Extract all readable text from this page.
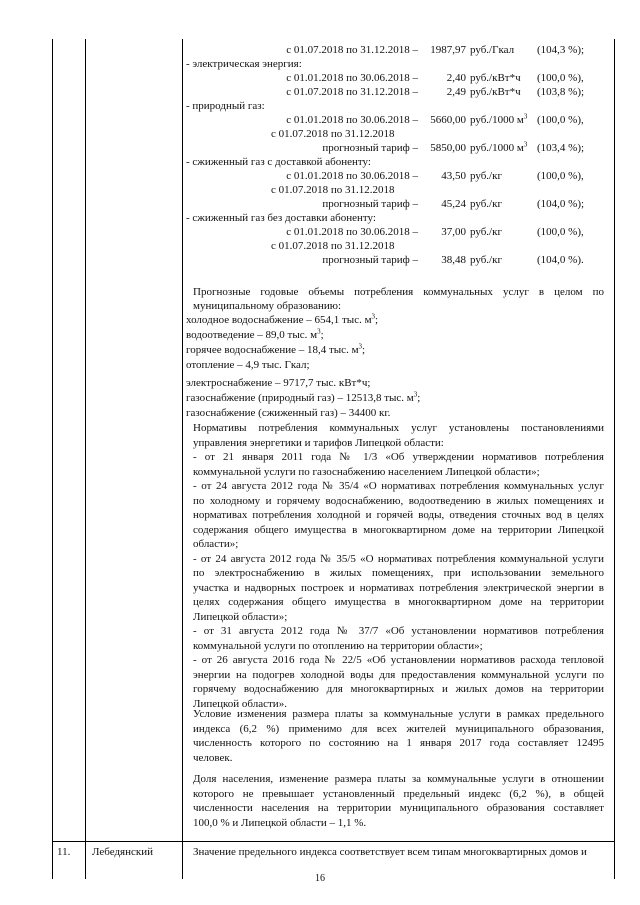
с 01.07.2018 по 31.12.2018 –	1987,97 руб./Гкал (104,3 %);
- электрическая энергия:
с 01.01.2018 по 30.06.2018 –	2,40 руб./кВт*ч (100,0 %),
с 01.07.2018 по 31.12.2018 –	2,49 руб./кВт*ч (103,8 %);
- природный газ:
с 01.01.2018 по 30.06.2018 –	5660,00 руб./1000 $м^3$ (100,0 %),
с 01.07.2018 по 31.12.2018
прогнозный тариф –	5850,00 руб./1000 $м^3$ (103,4 %);
- сжиженный газ с доставкой абоненту:
с 01.01.2018 по 30.06.2018 –	43,50 руб./кг	(100,0 %),
с 01.07.2018 по 31.12.2018
прогнозный тариф –	45,24 руб./кг	(104,0 %);
- сжиженный газ без доставки абоненту:
с 01.01.2018 по 30.06.2018 –	37,00 руб./кг	(100,0 %),
с 01.07.2018 по 31.12.2018
прогнозный тариф –	38,48 руб./кг	(104,0 %).
Прогнозные годовые объемы потребления коммунальных услуг в целом по муниципальному образованию:
холодное водоснабжение – 654,1 тыс. $м^3$;
водоотведение – 89,0 тыс. $м^3$;
горячее водоснабжение – 18,4 тыс. $м^3$;
отопление – 4,9 тыс. Гкал;
электроснабжение – 9717,7 тыс. кВт*ч;
газоснабжение (природный газ) – 12513,8 тыс. $м^3$;
газоснабжение (сжиженный газ) – 34400 кг.
Нормативы потребления коммунальных услуг установлены постановлениями
управления энергетики и тарифов Липецкой области:
- от 21 января 2011 года № 1/3 «Об утверждении нормативов потребления
коммунальной услуги по газоснабжению населением Липецкой области»;
- от 24 августа 2012 года № 35/4 «О нормативах потребления коммунальных услуг
по холодному и горячему водоснабжению, водоотведению в жилых помещениях и
нормативах потребления холодной и горячей воды, отведения сточных вод в целях
содержания общего имущества в многоквартирном доме на территории Липецкой
области»;
- от 24 августа 2012 года № 35/5 «О нормативах потребления коммунальной услуги
по электроснабжению в жилых помещениях, при использовании земельного
участка и надворных построек и нормативах потребления электрической энергии в
целях содержания общего имущества в многоквартирном доме на территории
Липецкой области»;
- от 31 августа 2012 года № 37/7 «Об установлении нормативов потребления
коммунальной услуги по отоплению на территории области»;
- от 26 августа 2016 года № 22/5 «Об установлении нормативов расхода тепловой
энергии на подогрев холодной воды для предоставления коммунальной услуги по
горячему водоснабжению для многоквартирных и жилых домов на территории
Липецкой области».
Условие изменения размера платы за коммунальные услуги в рамках предельного
индекса (6,2 %) применимо для всех жителей муниципального образования,
численность которого по состоянию на 1 января 2017 года составляет 12495
человек.
Доля населения, изменение размера платы за коммунальные услуги в отношении
которого не превышает установленный предельный индекс (6,2 %), в общей
численности населения на территории муниципального образования составляет
100,0 % и Липецкой области – 1,1 %.
11. Лебедянский	Значение предельного индекса соответствует всем типам многоквартирных домов и
16
